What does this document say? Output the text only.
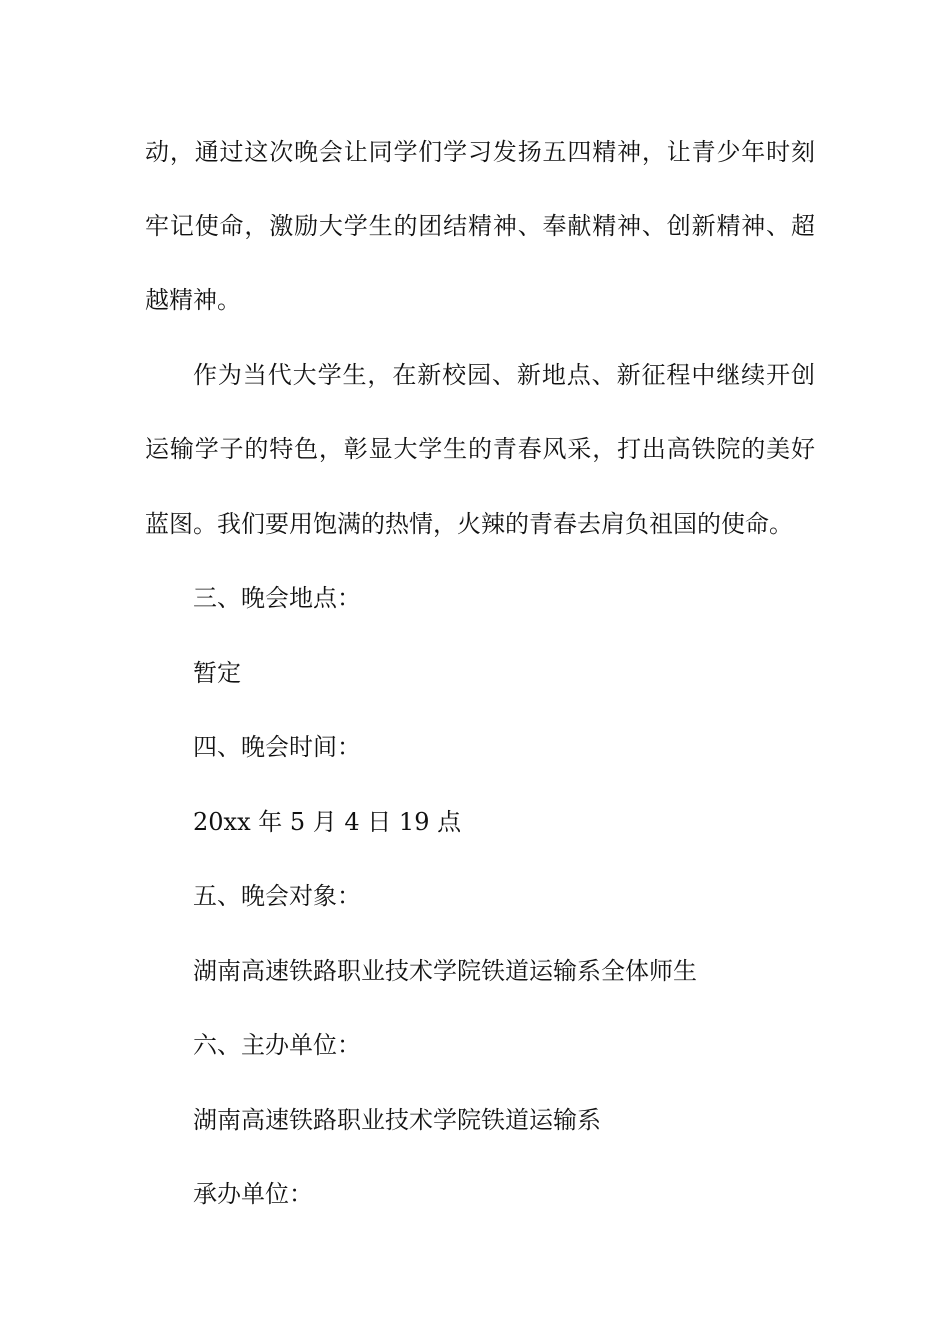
动，通过这次晚会让同学们学习发扬五四精神，让青少年时刻
牢记使命，激励大学生的团结精神、奉献精神、创新精神、超
越精神。
作为当代大学生，在新校园、新地点、新征程中继续开创
运输学子的特色，彰显大学生的青春风采，打出高铁院的美好
蓝图。我们要用饱满的热情，火辣的青春去肩负祖国的使命。
三、晚会地点：
暂定
四、晚会时间：
20xx 年 5 月 4 日 19 点
五、晚会对象：
湖南高速铁路职业技术学院铁道运输系全体师生
六、主办单位：
湖南高速铁路职业技术学院铁道运输系
承办单位：
